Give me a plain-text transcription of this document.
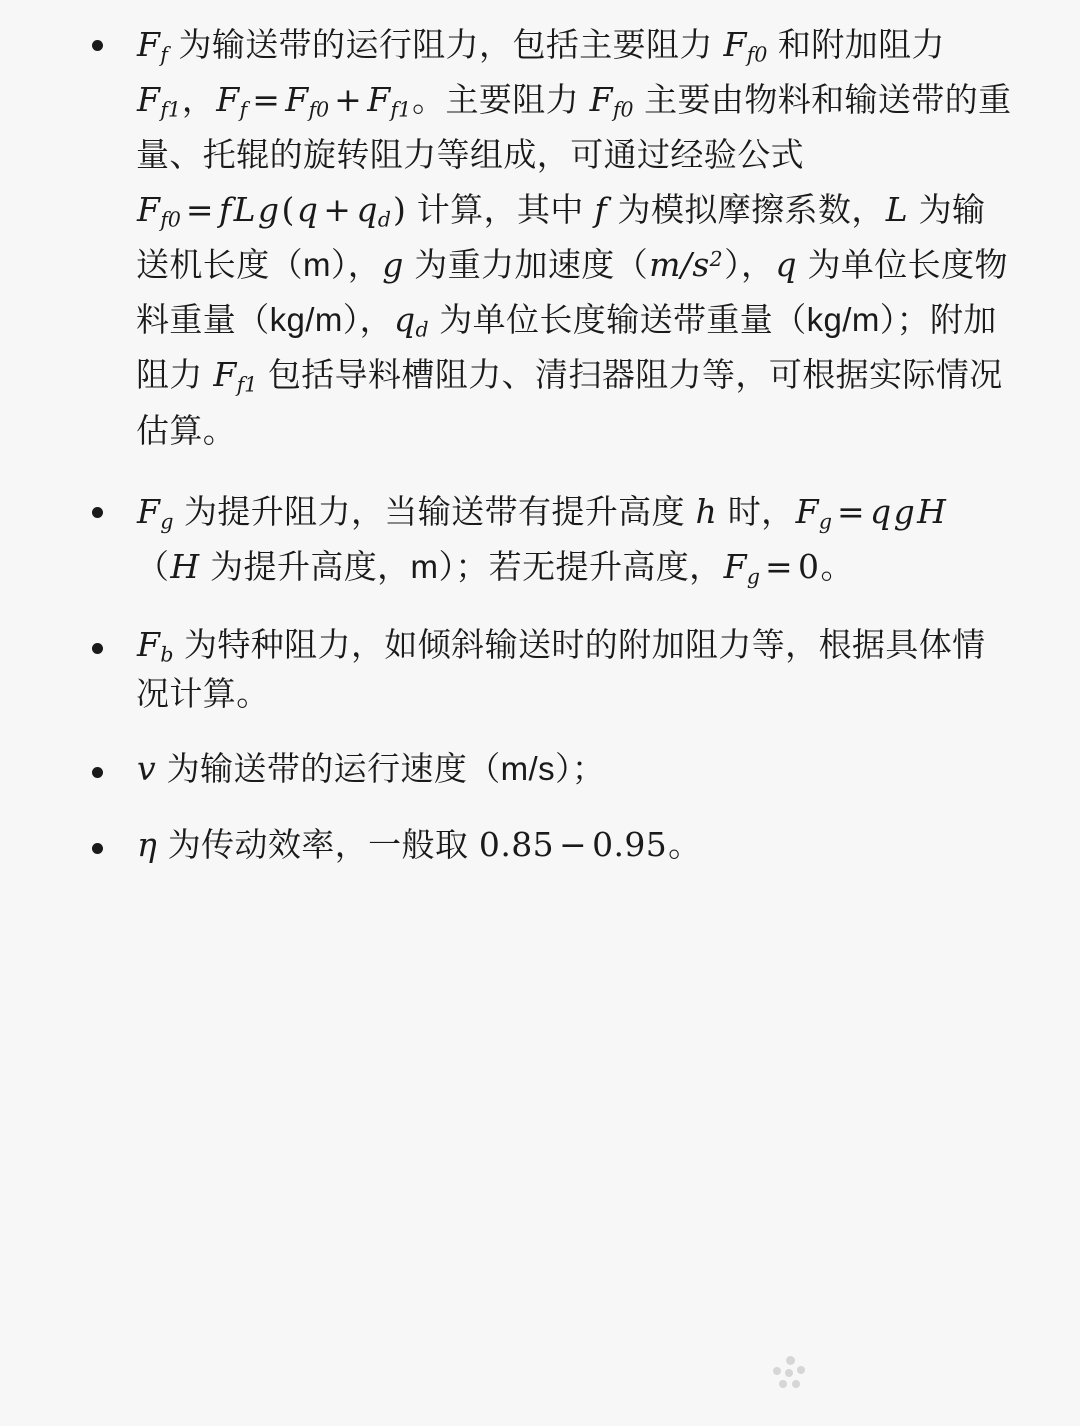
$F_f$ 为输送带的运行阻力，包括主要阻力 $F_{f0}$ 和附加阻力 $F_{f1}$，$F_f = F_{f0} + F_{f1}$。主要阻力 $F_{f0}$ 主要由物料和输送带的重量、托辊的旋转阻力等组成，可通过经验公式 $F_{f0} = fLg(q + q_d)$ 计算，其中 f 为模拟摩擦系数，L 为输送机长度（m），g 为重力加速度$(m/s^2)$，q 为单位长度物料重量（kg/m），$q_d$ 为单位长度输送带重量（kg/m）；附加阻力 $F_{f1}$ 包括导料槽阻力、清扫器阻力等，可根据实际情况估算。
$F_g$ 为提升阻力，当输送带有提升高度 h 时，$F_g$ = qgH （H 为提升高度，m）；若无提升高度，$F_g = 0$。
$F_b$ 为特种阻力，如倾斜输送时的附加阻力等，根据具体情况计算。
v 为输送带的运行速度（m/s）；
η 为传动效率，一般取 0.85 − 0.95。
